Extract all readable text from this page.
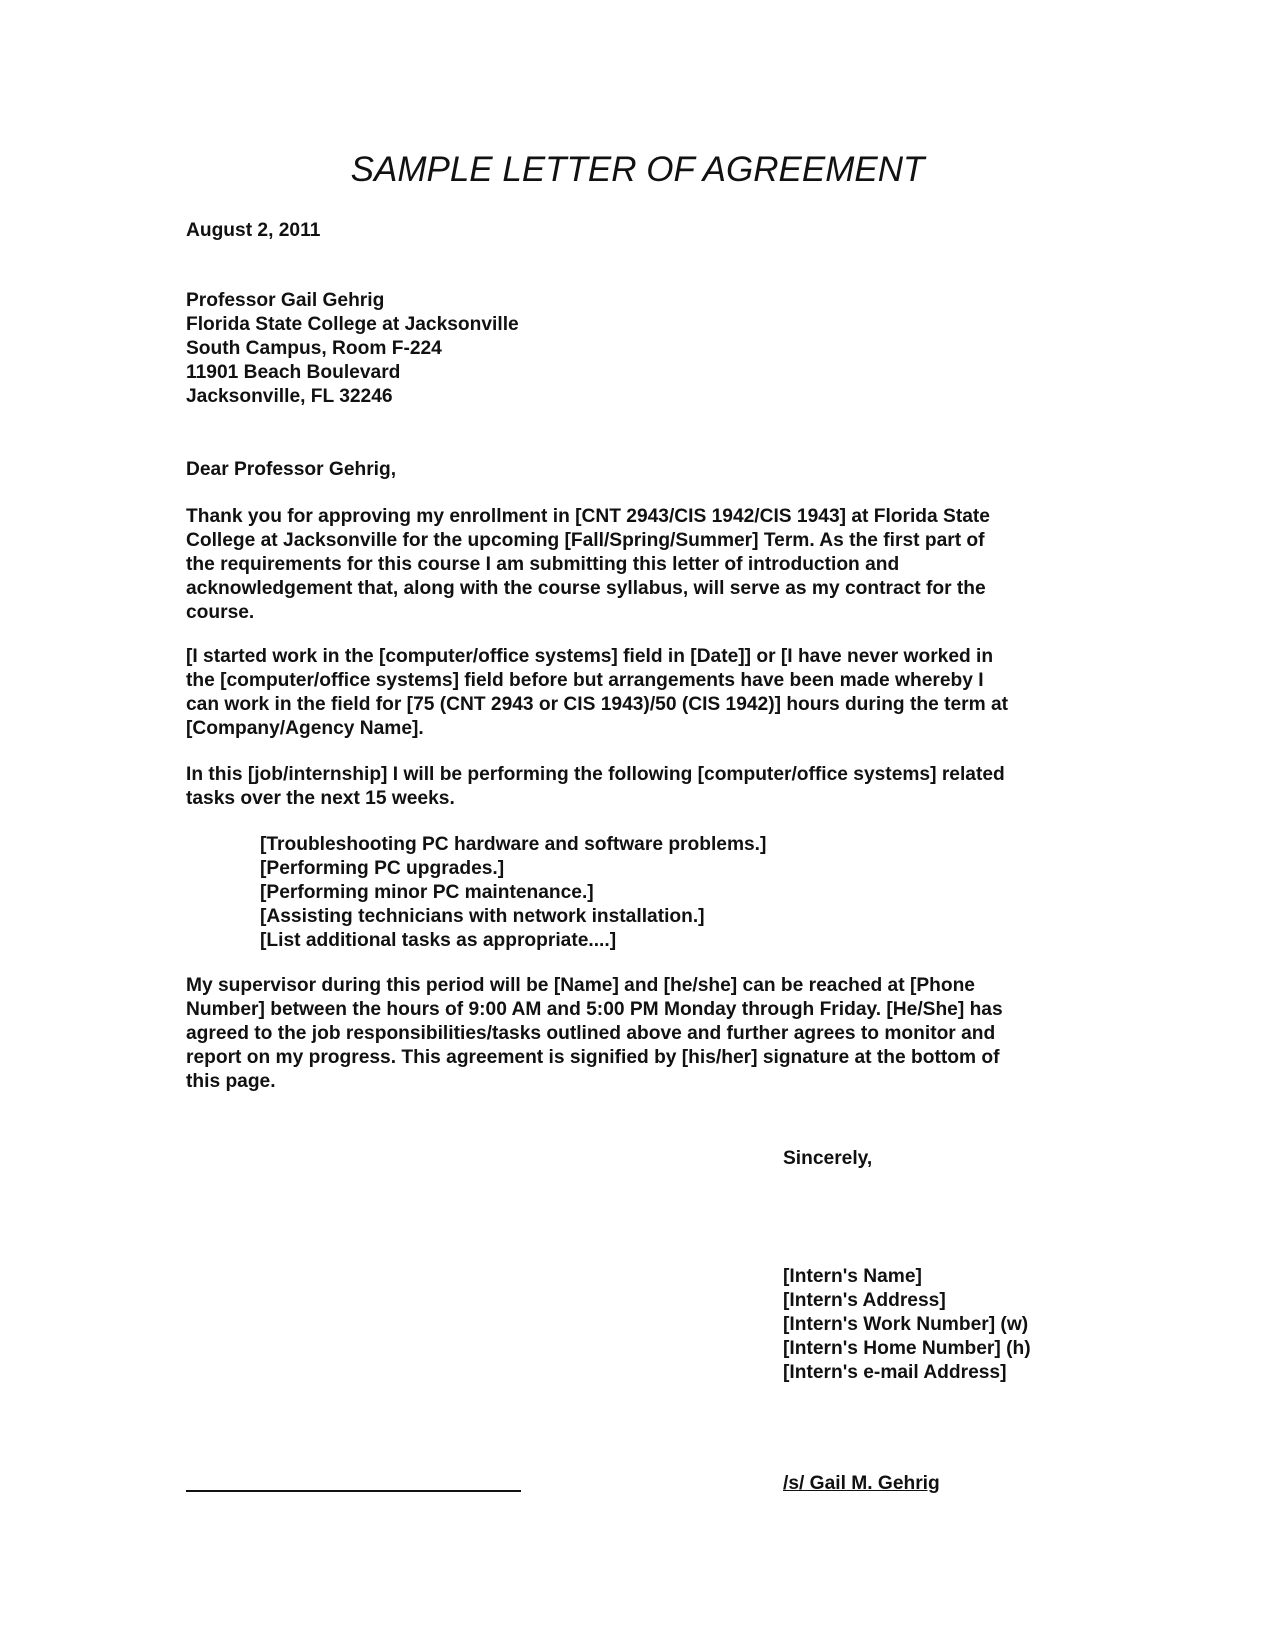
SAMPLE LETTER OF AGREEMENT
August 2, 2011
Professor Gail Gehrig
Florida State College at Jacksonville
South Campus, Room F-224
11901 Beach Boulevard
Jacksonville, FL 32246
Dear Professor Gehrig,
Thank you for approving my enrollment in [CNT 2943/CIS 1942/CIS 1943] at Florida State
College at Jacksonville for the upcoming [Fall/Spring/Summer] Term. As the first part of
the requirements for this course I am submitting this letter of introduction and
acknowledgement that, along with the course syllabus, will serve as my contract for the
course.
[I started work in the [computer/office systems] field in [Date]] or [I have never worked in
the [computer/office systems] field before but arrangements have been made whereby I
can work in the field for [75 (CNT 2943 or CIS 1943)/50 (CIS 1942)] hours during the term at
[Company/Agency Name].
In this [job/internship] I will be performing the following [computer/office systems] related
tasks over the next 15 weeks.
[Troubleshooting PC hardware and software problems.]
[Performing PC upgrades.]
[Performing minor PC maintenance.]
[Assisting technicians with network installation.]
[List additional tasks as appropriate....]
My supervisor during this period will be [Name] and [he/she] can be reached at [Phone
Number] between the hours of 9:00 AM and 5:00 PM Monday through Friday. [He/She] has
agreed to the job responsibilities/tasks outlined above and further agrees to monitor and
report on my progress. This agreement is signified by [his/her] signature at the bottom of
this page.
Sincerely,
[Intern's Name]
[Intern's Address]
[Intern's Work Number] (w)
[Intern's Home Number] (h)
[Intern's e-mail Address]
/s/ Gail M. Gehrig
